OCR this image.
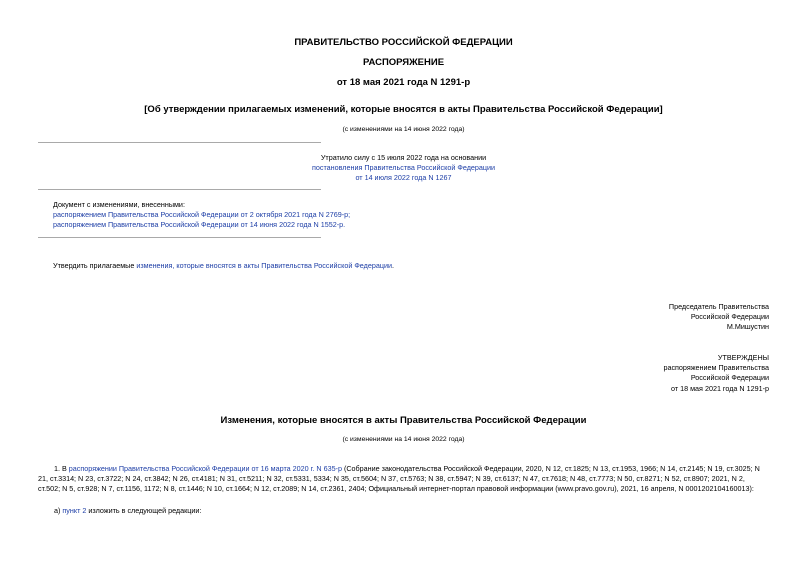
ПРАВИТЕЛЬСТВО РОССИЙСКОЙ ФЕДЕРАЦИИ
РАСПОРЯЖЕНИЕ
от 18 мая 2021 года N 1291-р
[Об утверждении прилагаемых изменений, которые вносятся в акты Правительства Российской Федерации]
(с изменениями на 14 июня 2022 года)
Утратило силу с 15 июля 2022 года на основании
постановления Правительства Российской Федерации
от 14 июля 2022 года N 1267
Документ с изменениями, внесенными:
распоряжением Правительства Российской Федерации от 2 октября 2021 года N 2769-р;
распоряжением Правительства Российской Федерации от 14 июня 2022 года N 1552-р.
Утвердить прилагаемые изменения, которые вносятся в акты Правительства Российской Федерации.
Председатель Правительства
Российской Федерации
М.Мишустин
УТВЕРЖДЕНЫ
распоряжением Правительства
Российской Федерации
от 18 мая 2021 года N 1291-р
Изменения, которые вносятся в акты Правительства Российской Федерации
(с изменениями на 14 июня 2022 года)
1. В распоряжении Правительства Российской Федерации от 16 марта 2020 г. N 635-р (Собрание законодательства Российской Федерации, 2020, N 12, ст.1825; N 13, ст.1953, 1966; N 14, ст.2145; N 19, ст.3025; N
21, ст.3314; N 23, ст.3722; N 24, ст.3842; N 26, ст.4181; N 31, ст.5211; N 32, ст.5331, 5334; N 35, ст.5604; N 37, ст.5763; N 38, ст.5947; N 39, ст.6137; N 47, ст.7618; N 48, ст.7773; N 50, ст.8271; N 52, ст.8907; 2021, N 2,
ст.502; N 5, ст.928; N 7, ст.1156, 1172; N 8, ст.1446; N 10, ст.1664; N 12, ст.2089; N 14, ст.2361, 2404; Официальный интернет-портал правовой информации (www.pravo.gov.ru), 2021, 16 апреля, N 0001202104160013):
а) пункт 2 изложить в следующей редакции:
